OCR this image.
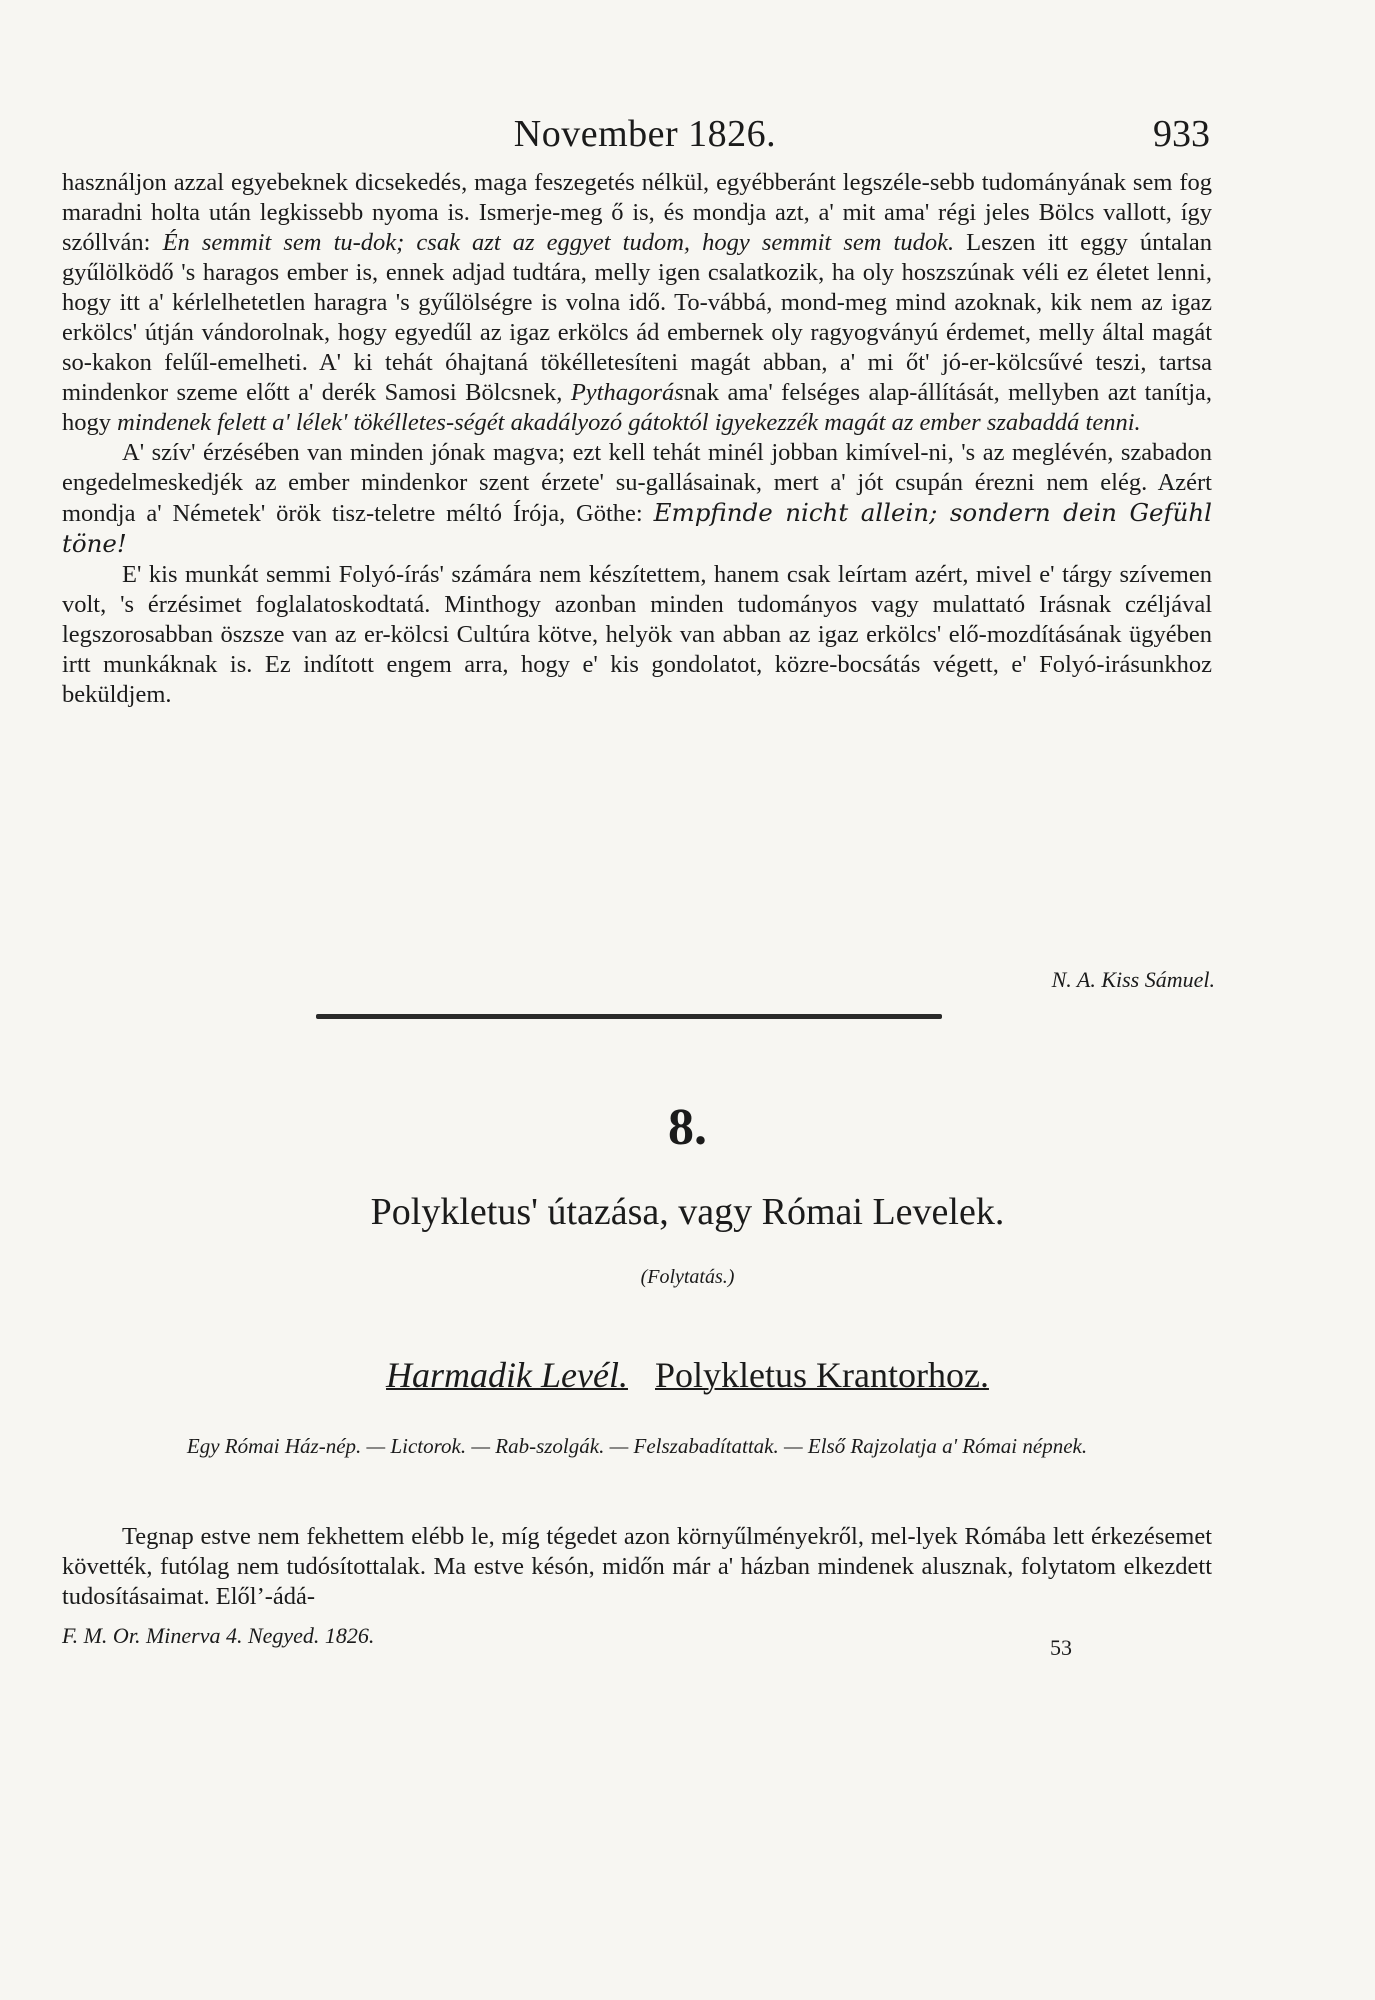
November 1826.	933

használjon azzal egyebeknek dicsekedés, maga feszegetés nélkül, egyébberánt legszéle-sebb tudományának sem fog maradni holta után legkissebb nyoma is. Ismerje-meg ő is, és mondja azt, a' mit ama' régi jeles Bölcs vallott, így szóllván: Én semmit sem tu-dok; csak azt az eggyet tudom, hogy semmit sem tudok. Leszen itt eggy úntalan gyűlölködő 's haragos ember is, ennek adjad tudtára, melly igen csalatkozik, ha oly hoszszúnak véli ez életet lenni, hogy itt a' kérlelhetetlen haragra 's gyűlölségre is volna idő. To-vábbá, mond-meg mind azoknak, kik nem az igaz erkölcs' útján vándorolnak, hogy egyedűl az igaz erkölcs ád embernek oly ragyogványú érdemet, melly által magát so-kakon felűl-emelheti. A' ki tehát óhajtaná tökélletesíteni magát abban, a' mi őt' jó-er-kölcsűvé teszi, tartsa mindenkor szeme előtt a' derék Samosi Bölcsnek, Pythagorásnak ama' felséges alap-állítását, mellyben azt tanítja, hogy mindenek felett a' lélek' tökélletes-ségét akadályozó gátoktól igyekezzék magát az ember szabaddá tenni.

A' szív' érzésében van minden jónak magva; ezt kell tehát minél jobban kimível-ni, 's az meglévén, szabadon engedelmeskedjék az ember mindenkor szent érzete' su-gallásainak, mert a' jót csupán érezni nem elég. Azért mondja a' Németek' örök tisz-teletre méltó Írója, Göthe: Empfinde nicht allein; sondern dein Gefühl töne!

E' kis munkát semmi Folyó-írás' számára nem készítettem, hanem csak leírtam azért, mivel e' tárgy szívemen volt, 's érzésimet foglalatoskodtatá. Minthogy azonban minden tudományos vagy mulattató Irásnak czéljával legszorosabban öszsze van az er-kölcsi Cultúra kötve, helyök van abban az igaz erkölcs' elő-mozdításának ügyében irtt munkáknak is. Ez indított engem arra, hogy e' kis gondolatot, közre-bocsátás végett, e' Folyó-irásunkhoz beküldjem.

N. A. Kiss Sámuel.
8.
Polykletus' útazása, vagy Római Levelek.
(Folytatás.)
Harmadik Levél. Polykletus Krantorhoz.
Egy Római Ház-nép. — Lictorok. — Rab-szolgák. — Felszabadítattak. — Első Rajzolatja a' Római népnek.

Tegnap estve nem fekhettem elébb le, míg tégedet azon környűlményekről, mel-lyek Rómába lett érkezésemet követték, futólag nem tudósítottalak. Ma estve késón, midőn már a' házban mindenek alusznak, folytatom elkezdett tudosításaimat. Előlʼ-ádá-

F. M. Or. Minerva 4. Negyed. 1826.	53
